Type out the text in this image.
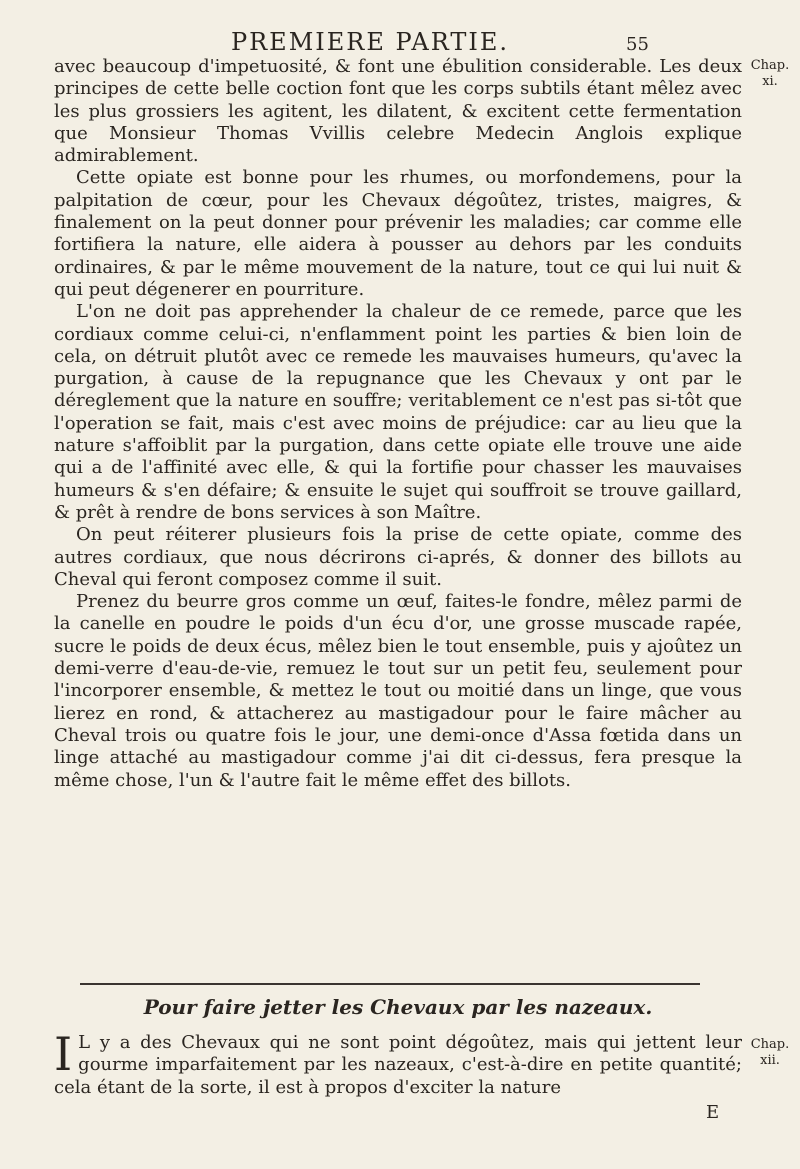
PREMIERE PARTIE.	55
Chap. xi.
Chap. xii.

avec beaucoup d'impetuosité, & font une ébulition considerable. Les deux principes de cette belle coction font que les corps subtils étant mêlez avec les plus grossiers les agitent, les dilatent, & excitent cette fermentation que Monsieur Thomas Vvillis celebre Medecin Anglois explique admirablement.

Cette opiate est bonne pour les rhumes, ou morfondemens, pour la palpitation de cœur, pour les Chevaux dégoûtez, tristes, maigres, & finalement on la peut donner pour prévenir les maladies; car comme elle fortifiera la nature, elle aidera à pousser au dehors par les conduits ordinaires, & par le même mouvement de la nature, tout ce qui lui nuit & qui peut dégenerer en pourriture.

L'on ne doit pas apprehender la chaleur de ce remede, parce que les cordiaux comme celui-ci, n'enflamment point les parties & bien loin de cela, on détruit plutôt avec ce remede les mauvaises humeurs, qu'avec la purgation, à cause de la repugnance que les Chevaux y ont par le déreglement que la nature en souffre; veritablement ce n'est pas si-tôt que l'operation se fait, mais c'est avec moins de préjudice: car au lieu que la nature s'affoiblit par la purgation, dans cette opiate elle trouve une aide qui a de l'affinité avec elle, & qui la fortifie pour chasser les mauvaises humeurs & s'en défaire; & ensuite le sujet qui souffroit se trouve gaillard, & prêt à rendre de bons services à son Maître.

On peut réiterer plusieurs fois la prise de cette opiate, comme des autres cordiaux, que nous décrirons ci-aprés, & donner des billots au Cheval qui feront composez comme il suit.

Prenez du beurre gros comme un œuf, faites-le fondre, mêlez parmi de la canelle en poudre le poids d'un écu d'or, une grosse muscade rapée, sucre le poids de deux écus, mêlez bien le tout ensemble, puis y ajoûtez un demi-verre d'eau-de-vie, remuez le tout sur un petit feu, seulement pour l'incorporer ensemble, & mettez le tout ou moitié dans un linge, que vous lierez en rond, & attacherez au mastigadour pour le faire mâcher au Cheval trois ou quatre fois le jour, une demi-once d'Assa fœtida dans un linge attaché au mastigadour comme j'ai dit ci-dessus, fera presque la même chose, l'un & l'autre fait le même effet des billots.

Pour faire jetter les Chevaux par les nazeaux.
I L y a des Chevaux qui ne sont point dégoûtez, mais qui jettent leur gourme imparfaitement par les nazeaux, c'est-à-dire en petite quantité; cela étant de la sorte, il est à propos d'exciter la nature
E
